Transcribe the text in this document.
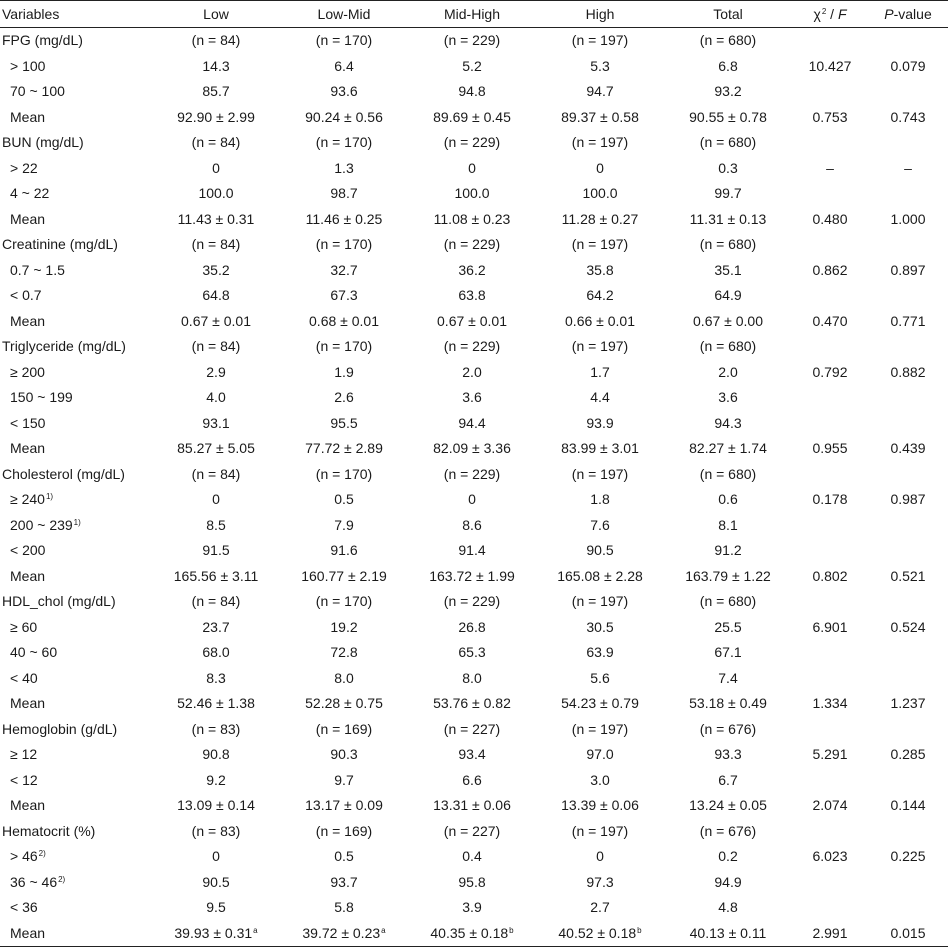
Variables	Low	Low-Mid	Mid-High	High	Total	$\chi^2$ / F	P-value
FPG (mg/dL)	(n = 84)	(n = 170)	(n = 229)	(n = 197)	(n = 680)		
> 100	14.3	6.4	5.2	5.3	6.8	10.427	0.079
70 ~ 100	85.7	93.6	94.8	94.7	93.2		
Mean	92.90 ± 2.99	90.24 ± 0.56	89.69 ± 0.45	89.37 ± 0.58	90.55 ± 0.78	0.753	0.743
BUN (mg/dL)	(n = 84)	(n = 170)	(n = 229)	(n = 197)	(n = 680)		
> 22	0	1.3	0	0	0.3	–	–
4 ~ 22	100.0	98.7	100.0	100.0	99.7		
Mean	11.43 ± 0.31	11.46 ± 0.25	11.08 ± 0.23	11.28 ± 0.27	11.31 ± 0.13	0.480	1.000
Creatinine (mg/dL)	(n = 84)	(n = 170)	(n = 229)	(n = 197)	(n = 680)		
0.7 ~ 1.5	35.2	32.7	36.2	35.8	35.1	0.862	0.897
< 0.7	64.8	67.3	63.8	64.2	64.9		
Mean	0.67 ± 0.01	0.68 ± 0.01	0.67 ± 0.01	0.66 ± 0.01	0.67 ± 0.00	0.470	0.771
Triglyceride (mg/dL)	(n = 84)	(n = 170)	(n = 229)	(n = 197)	(n = 680)		
≥ 200	2.9	1.9	2.0	1.7	2.0	0.792	0.882
150 ~ 199	4.0	2.6	3.6	4.4	3.6		
< 150	93.1	95.5	94.4	93.9	94.3		
Mean	85.27 ± 5.05	77.72 ± 2.89	82.09 ± 3.36	83.99 ± 3.01	82.27 ± 1.74	0.955	0.439
Cholesterol (mg/dL)	(n = 84)	(n = 170)	(n = 229)	(n = 197)	(n = 680)		
≥ $240^{1)}$	0	0.5	0	1.8	0.6	0.178	0.987
200 ~ 239$^{1)}$	8.5	7.9	8.6	7.6	8.1		
< 200	91.5	91.6	91.4	90.5	91.2		
Mean	165.56 ± 3.11	160.77 ± 2.19	163.72 ± 1.99	165.08 ± 2.28	163.79 ± 1.22	0.802	0.521
HDL_chol (mg/dL)	(n = 84)	(n = 170)	(n = 229)	(n = 197)	(n = 680)		
≥ 60	23.7	19.2	26.8	30.5	25.5	6.901	0.524
40 ~ 60	68.0	72.8	65.3	63.9	67.1		
< 40	8.3	8.0	8.0	5.6	7.4		
Mean	52.46 ± 1.38	52.28 ± 0.75	53.76 ± 0.82	54.23 ± 0.79	53.18 ± 0.49	1.334	1.237
Hemoglobin (g/dL)	(n = 83)	(n = 169)	(n = 227)	(n = 197)	(n = 676)		
≥ 12	90.8	90.3	93.4	97.0	93.3	5.291	0.285
< 12	9.2	9.7	6.6	3.0	6.7		
Mean	13.09 ± 0.14	13.17 ± 0.09	13.31 ± 0.06	13.39 ± 0.06	13.24 ± 0.05	2.074	0.144
Hematocrit (%)	(n = 83)	(n = 169)	(n = 227)	(n = 197)	(n = 676)		
> $46^{2)}$	0	0.5	0.4	0	0.2	6.023	0.225
36 ~ 46$^{2)}$	90.5	93.7	95.8	97.3	94.9		
< 36	9.5	5.8	3.9	2.7	4.8		
Mean	39.93 ± 0.31$^a$	39.72 ± 0.23$^a$	40.35 ± 0.18$^b$	40.52 ± 0.18$^b$	40.13 ± 0.11	2.991	0.015
